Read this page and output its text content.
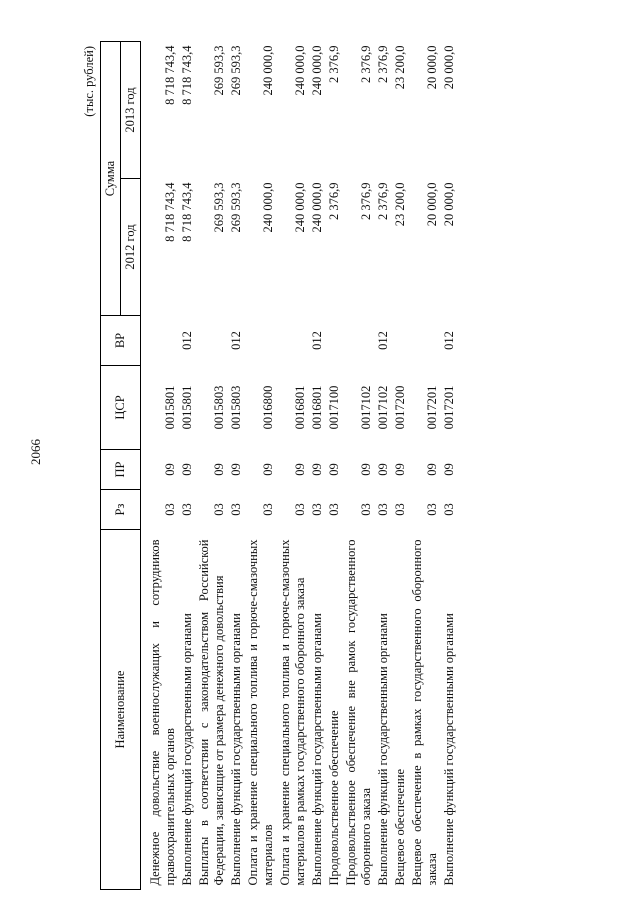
2066
(тыс. рублей)
Наименование	Рз	ПР	ЦСР	ВР	Сумма	
					2012 год	2013 год

Денежное довольствие военнослужащих и сотрудников правоохранительных органов	03	09	0015801		8 718 743,4	8 718 743,4
Выполнение функций государственными органами	03	09	0015801	012	8 718 743,4	8 718 743,4
Выплаты в соответствии с законодательством Российской Федерации, зависящие от размера денежного довольствия	03	09	0015803		269 593,3	269 593,3
Выполнение функций государственными органами	03	09	0015803	012	269 593,3	269 593,3
Оплата и хранение специального топлива и горюче-смазочных материалов	03	09	0016800		240 000,0	240 000,0
Оплата и хранение специального топлива и горюче-смазочных материалов в рамках государственного оборонного заказа	03	09	0016801		240 000,0	240 000,0
Выполнение функций государственными органами	03	09	0016801	012	240 000,0	240 000,0
Продовольственное обеспечение	03	09	0017100		2 376,9	2 376,9
Продовольственное обеспечение вне рамок государственного оборонного заказа	03	09	0017102		2 376,9	2 376,9
Выполнение функций государственными органами	03	09	0017102	012	2 376,9	2 376,9
Вещевое обеспечение	03	09	0017200		23 200,0	23 200,0
Вещевое обеспечение в рамках государственного оборонного заказа	03	09	0017201		20 000,0	20 000,0
Выполнение функций государственными органами	03	09	0017201	012	20 000,0	20 000,0
